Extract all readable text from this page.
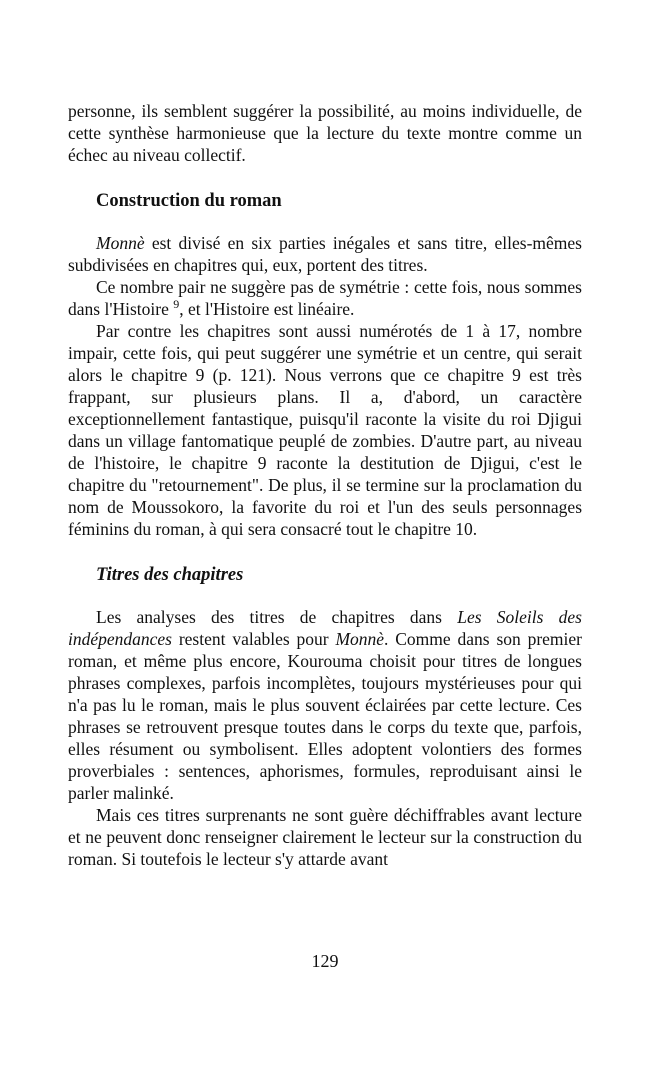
personne, ils semblent suggérer la possibilité, au moins individuelle, de cette synthèse harmonieuse que la lecture du texte montre comme un échec au niveau collectif.

Construction du roman

Monnè est divisé en six parties inégales et sans titre, elles-mêmes subdivisées en chapitres qui, eux, portent des titres.

Ce nombre pair ne suggère pas de symétrie : cette fois, nous sommes dans l'Histoire $^9$, et l'Histoire est linéaire.

Par contre les chapitres sont aussi numérotés de 1 à 17, nombre impair, cette fois, qui peut suggérer une symétrie et un centre, qui serait alors le chapitre 9 (p. 121). Nous verrons que ce chapitre 9 est très frappant, sur plusieurs plans. Il a, d'abord, un caractère exceptionnellement fantastique, puisqu'il raconte la visite du roi Djigui dans un village fantomatique peuplé de zombies. D'autre part, au niveau de l'histoire, le chapitre 9 raconte la destitution de Djigui, c'est le chapitre du "retournement". De plus, il se termine sur la proclamation du nom de Moussokoro, la favorite du roi et l'un des seuls personnages féminins du roman, à qui sera consacré tout le chapitre 10.

Titres des chapitres

Les analyses des titres de chapitres dans Les Soleils des indépendances restent valables pour Monnè. Comme dans son premier roman, et même plus encore, Kourouma choisit pour titres de longues phrases complexes, parfois incomplètes, toujours mystérieuses pour qui n'a pas lu le roman, mais le plus souvent éclairées par cette lecture. Ces phrases se retrouvent presque toutes dans le corps du texte que, parfois, elles résument ou symbolisent. Elles adoptent volontiers des formes proverbiales : sentences, aphorismes, formules, reproduisant ainsi le parler malinké.

Mais ces titres surprenants ne sont guère déchiffrables avant lecture et ne peuvent donc renseigner clairement le lecteur sur la construction du roman. Si toutefois le lecteur s'y attarde avant

129
